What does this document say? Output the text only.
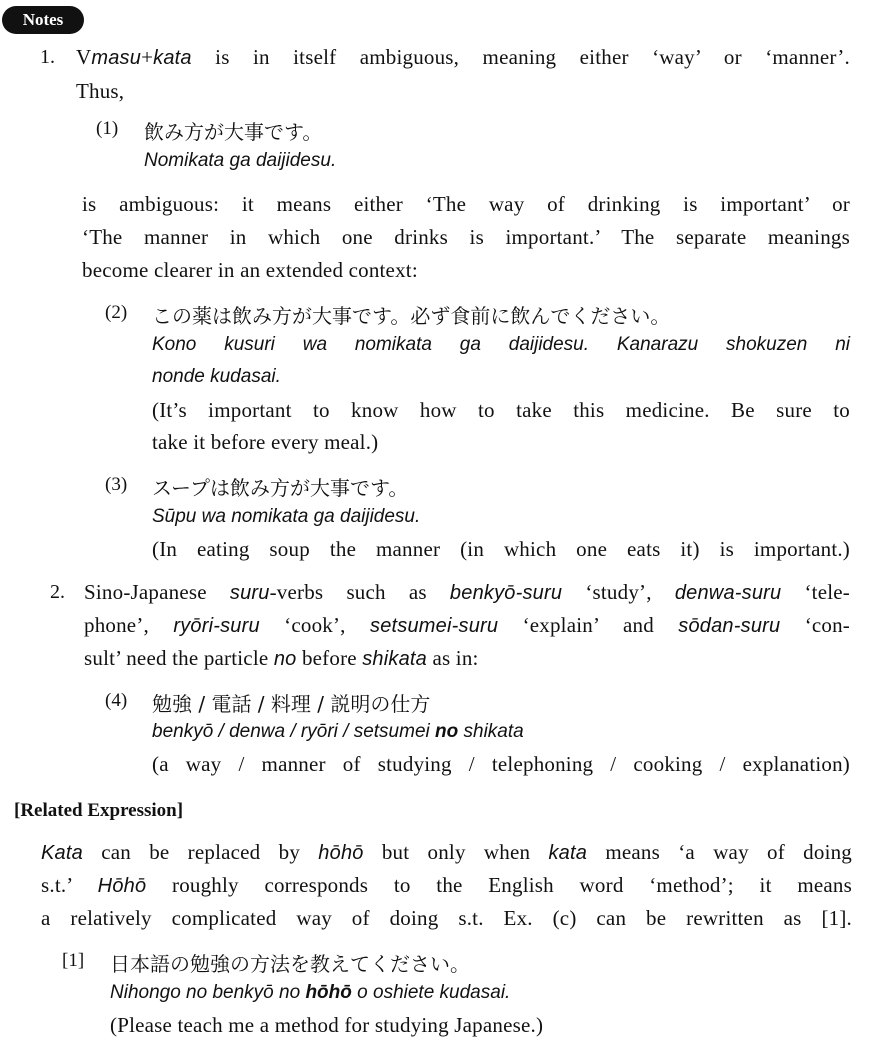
Notes
1. Vmasu+kata is in itself ambiguous, meaning either ‘way’ or ‘manner’.
Thus,
(1) 飲み方が大事です。
Nomikata ga daijidesu.
is ambiguous: it means either ‘The way of drinking is important’ or
‘The manner in which one drinks is important.’ The separate meanings
become clearer in an extended context:
(2) この薬は飲み方が大事です。必ず食前に飲んでください。
Kono kusuri wa nomikata ga daijidesu. Kanarazu shokuzen ni
nonde kudasai.
(It’s important to know how to take this medicine. Be sure to
take it before every meal.)
(3) スープは飲み方が大事です。
Sūpu wa nomikata ga daijidesu.
(In eating soup the manner (in which one eats it) is important.)
2. Sino-Japanese suru-verbs such as benkyō-suru ‘study’, denwa-suru ‘tele-
phone’, ryōri-suru ‘cook’, setsumei-suru ‘explain’ and sōdan-suru ‘con-
sult’ need the particle no before shikata as in:
(4) 勉強 / 電話 / 料理 / 説明の仕方
benkyō / denwa / ryōri / setsumei no shikata
(a way / manner of studying / telephoning / cooking / explanation)
[Related Expression]
Kata can be replaced by hōhō but only when kata means ‘a way of doing
s.t.’ Hōhō roughly corresponds to the English word ‘method’; it means
a relatively complicated way of doing s.t. Ex. (c) can be rewritten as [1].
[1] 日本語の勉強の方法を教えてください。
Nihongo no benkyō no hōhō o oshiete kudasai.
(Please teach me a method for studying Japanese.)
